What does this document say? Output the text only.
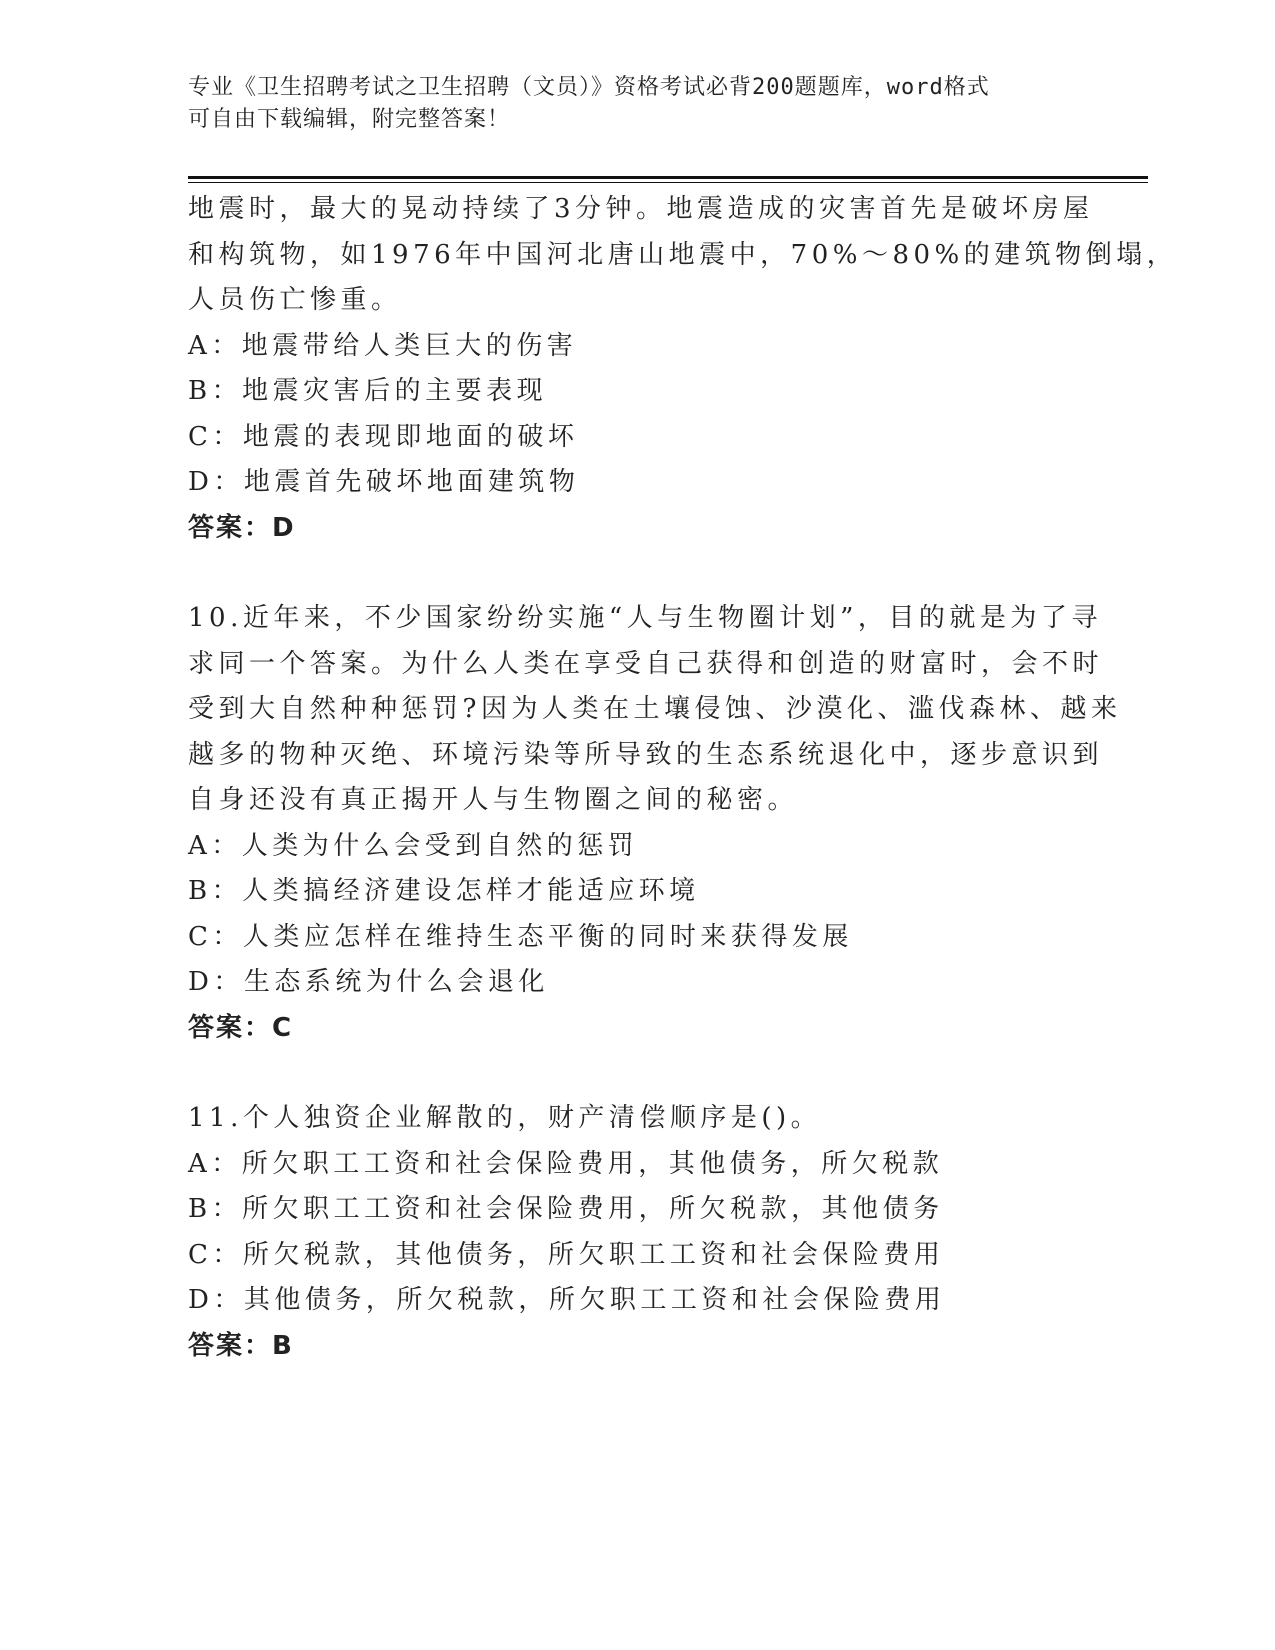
专业《卫生招聘考试之卫生招聘（文员）》资格考试必背200题题库，word格式
可自由下载编辑，附完整答案！
地震时，最大的晃动持续了3分钟。地震造成的灾害首先是破坏房屋
和构筑物，如1976年中国河北唐山地震中，70%～80%的建筑物倒塌，
人员伤亡惨重。
A：地震带给人类巨大的伤害
B：地震灾害后的主要表现
C：地震的表现即地面的破坏
D：地震首先破坏地面建筑物
答案：D
10.近年来，不少国家纷纷实施“人与生物圈计划”，目的就是为了寻
求同一个答案。为什么人类在享受自己获得和创造的财富时，会不时
受到大自然种种惩罚?因为人类在土壤侵蚀、沙漠化、滥伐森林、越来
越多的物种灭绝、环境污染等所导致的生态系统退化中，逐步意识到
自身还没有真正揭开人与生物圈之间的秘密。
A：人类为什么会受到自然的惩罚
B：人类搞经济建设怎样才能适应环境
C：人类应怎样在维持生态平衡的同时来获得发展
D：生态系统为什么会退化
答案：C
11.个人独资企业解散的，财产清偿顺序是()。
A：所欠职工工资和社会保险费用，其他债务，所欠税款
B：所欠职工工资和社会保险费用，所欠税款，其他债务
C：所欠税款，其他债务，所欠职工工资和社会保险费用
D：其他债务，所欠税款，所欠职工工资和社会保险费用
答案：B
